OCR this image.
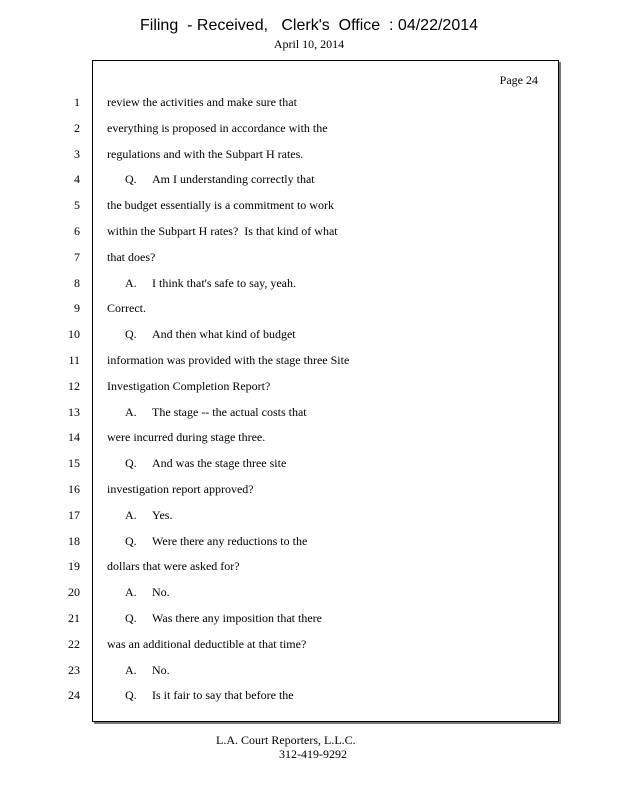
Filing  - Received,   Clerk's  Office  : 04/22/2014
April 10, 2014
Page 24
1 review the activities and make sure that
2 everything is proposed in accordance with the
3 regulations and with the Subpart H rates.
4	Q. Am I understanding correctly that
5 the budget essentially is a commitment to work
6 within the Subpart H rates?  Is that kind of what
7 that does?
8	A. I think that's safe to say, yeah.
9 Correct.
10	Q. And then what kind of budget
11 information was provided with the stage three Site
12 Investigation Completion Report?
13	A. The stage -- the actual costs that
14 were incurred during stage three.
15	Q. And was the stage three site
16 investigation report approved?
17	A. Yes.
18	Q. Were there any reductions to the
19 dollars that were asked for?
20	A. No.
21	Q. Was there any imposition that there
22 was an additional deductible at that time?
23	A. No.
24	Q. Is it fair to say that before the
L.A. Court Reporters, L.L.C.
312-419-9292
